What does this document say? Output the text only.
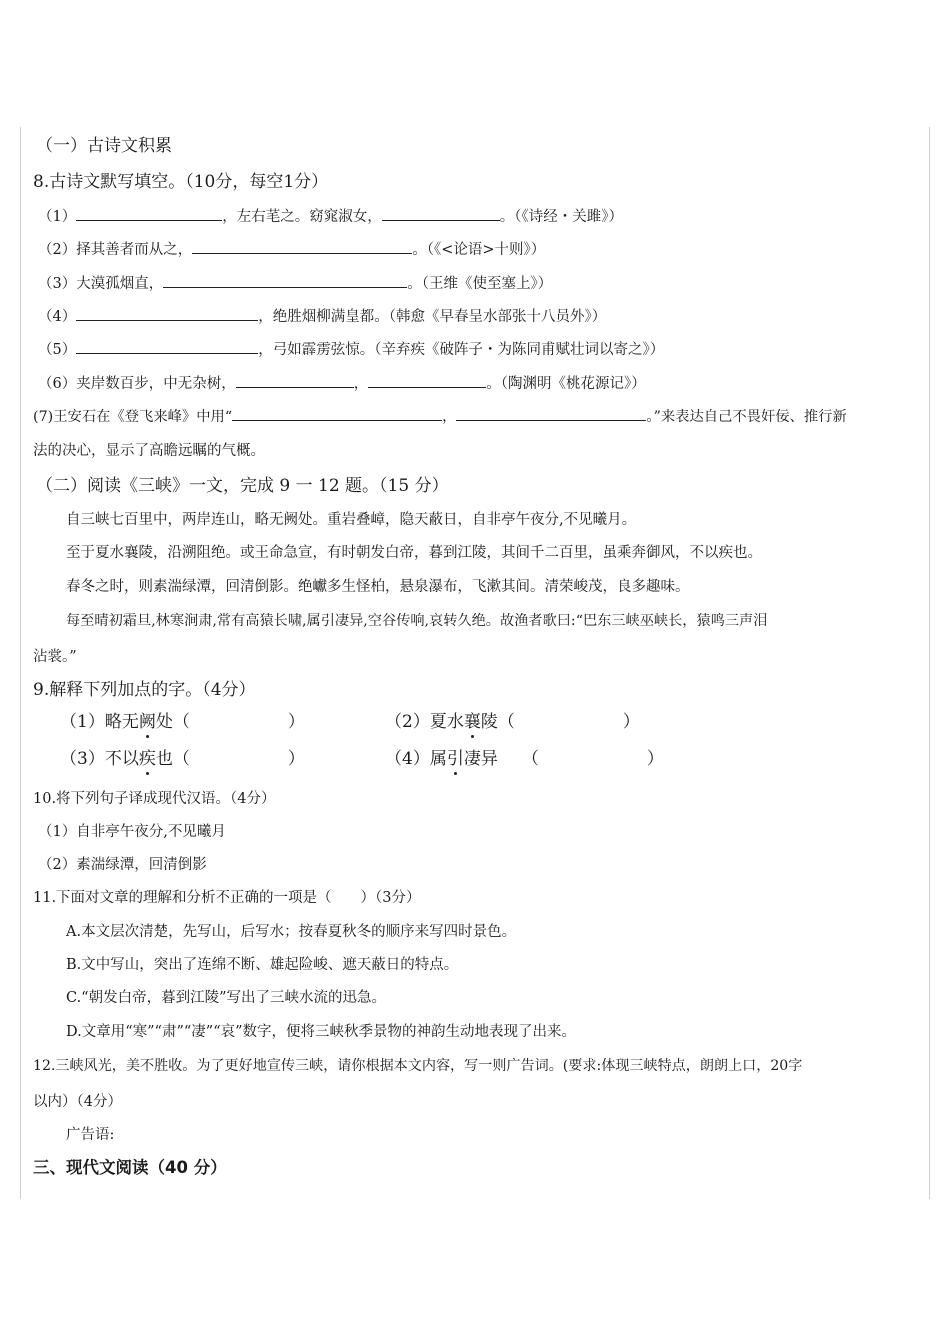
（一）古诗文积累
8.古诗文默写填空。（10分，每空1分）
（1）	，左右芼之。窈窕淑女，	。（《诗经・关雎》）
（2）择其善者而从之，	。（《<论语>十则》）
（3）大漠孤烟直，	。（王维《使至塞上》）
（4）	，绝胜烟柳满皇都。（韩愈《早春呈水部张十八员外》）
（5）	，弓如霹雳弦惊。（辛弃疾《破阵子・为陈同甫赋壮词以寄之》）
（6）夹岸数百步，中无杂树，	，	。（陶渊明《桃花源记》）
(7)王安石在《登飞来峰》中用“	，	。”来表达自己不畏奸佞、推行新
法的决心，显示了高瞻远瞩的气概。
（二）阅读《三峡》一文，完成 9 一 12 题。（15 分）
自三峡七百里中，两岸连山，略无阙处。重岩叠嶂，隐天蔽日，自非亭午夜分,不见曦月。
至于夏水襄陵，沿溯阻绝。或王命急宣，有时朝发白帝，暮到江陵，其间千二百里，虽乘奔御风，不以疾也。
春冬之时，则素湍绿潭，回清倒影。绝巘多生怪柏，悬泉瀑布，飞漱其间。清荣峻茂，良多趣味。
每至晴初霜旦,林寒涧肃,常有高猿长啸,属引凄异,空谷传响,哀转久绝。故渔者歌曰:“巴东三峡巫峡长，猿鸣三声泪
沾裳。”
9.解释下列加点的字。（4分）
（1）略无阙处（	）	（2）夏水襄陵（	）
（3）不以疾也（	）	（4）属引凄异 （	）
10.将下列句子译成现代汉语。（4分）
（1）自非亭午夜分,不见曦月
（2）素湍绿潭，回清倒影
11.下面对文章的理解和分析不正确的一项是（　　）（3分）
A.本文层次清楚，先写山，后写水；按春夏秋冬的顺序来写四时景色。
B.文中写山，突出了连绵不断、雄起险峻、遮天蔽日的特点。
C.“朝发白帝，暮到江陵”写出了三峡水流的迅急。
D.文章用“寒”“肃”“凄”“哀”数字，便将三峡秋季景物的神韵生动地表现了出来。
12.三峡风光，美不胜收。为了更好地宣传三峡，请你根据本文内容，写一则广告词。(要求:体现三峡特点，朗朗上口，20字
以内）（4分）
广告语:
三、现代文阅读（40 分）
